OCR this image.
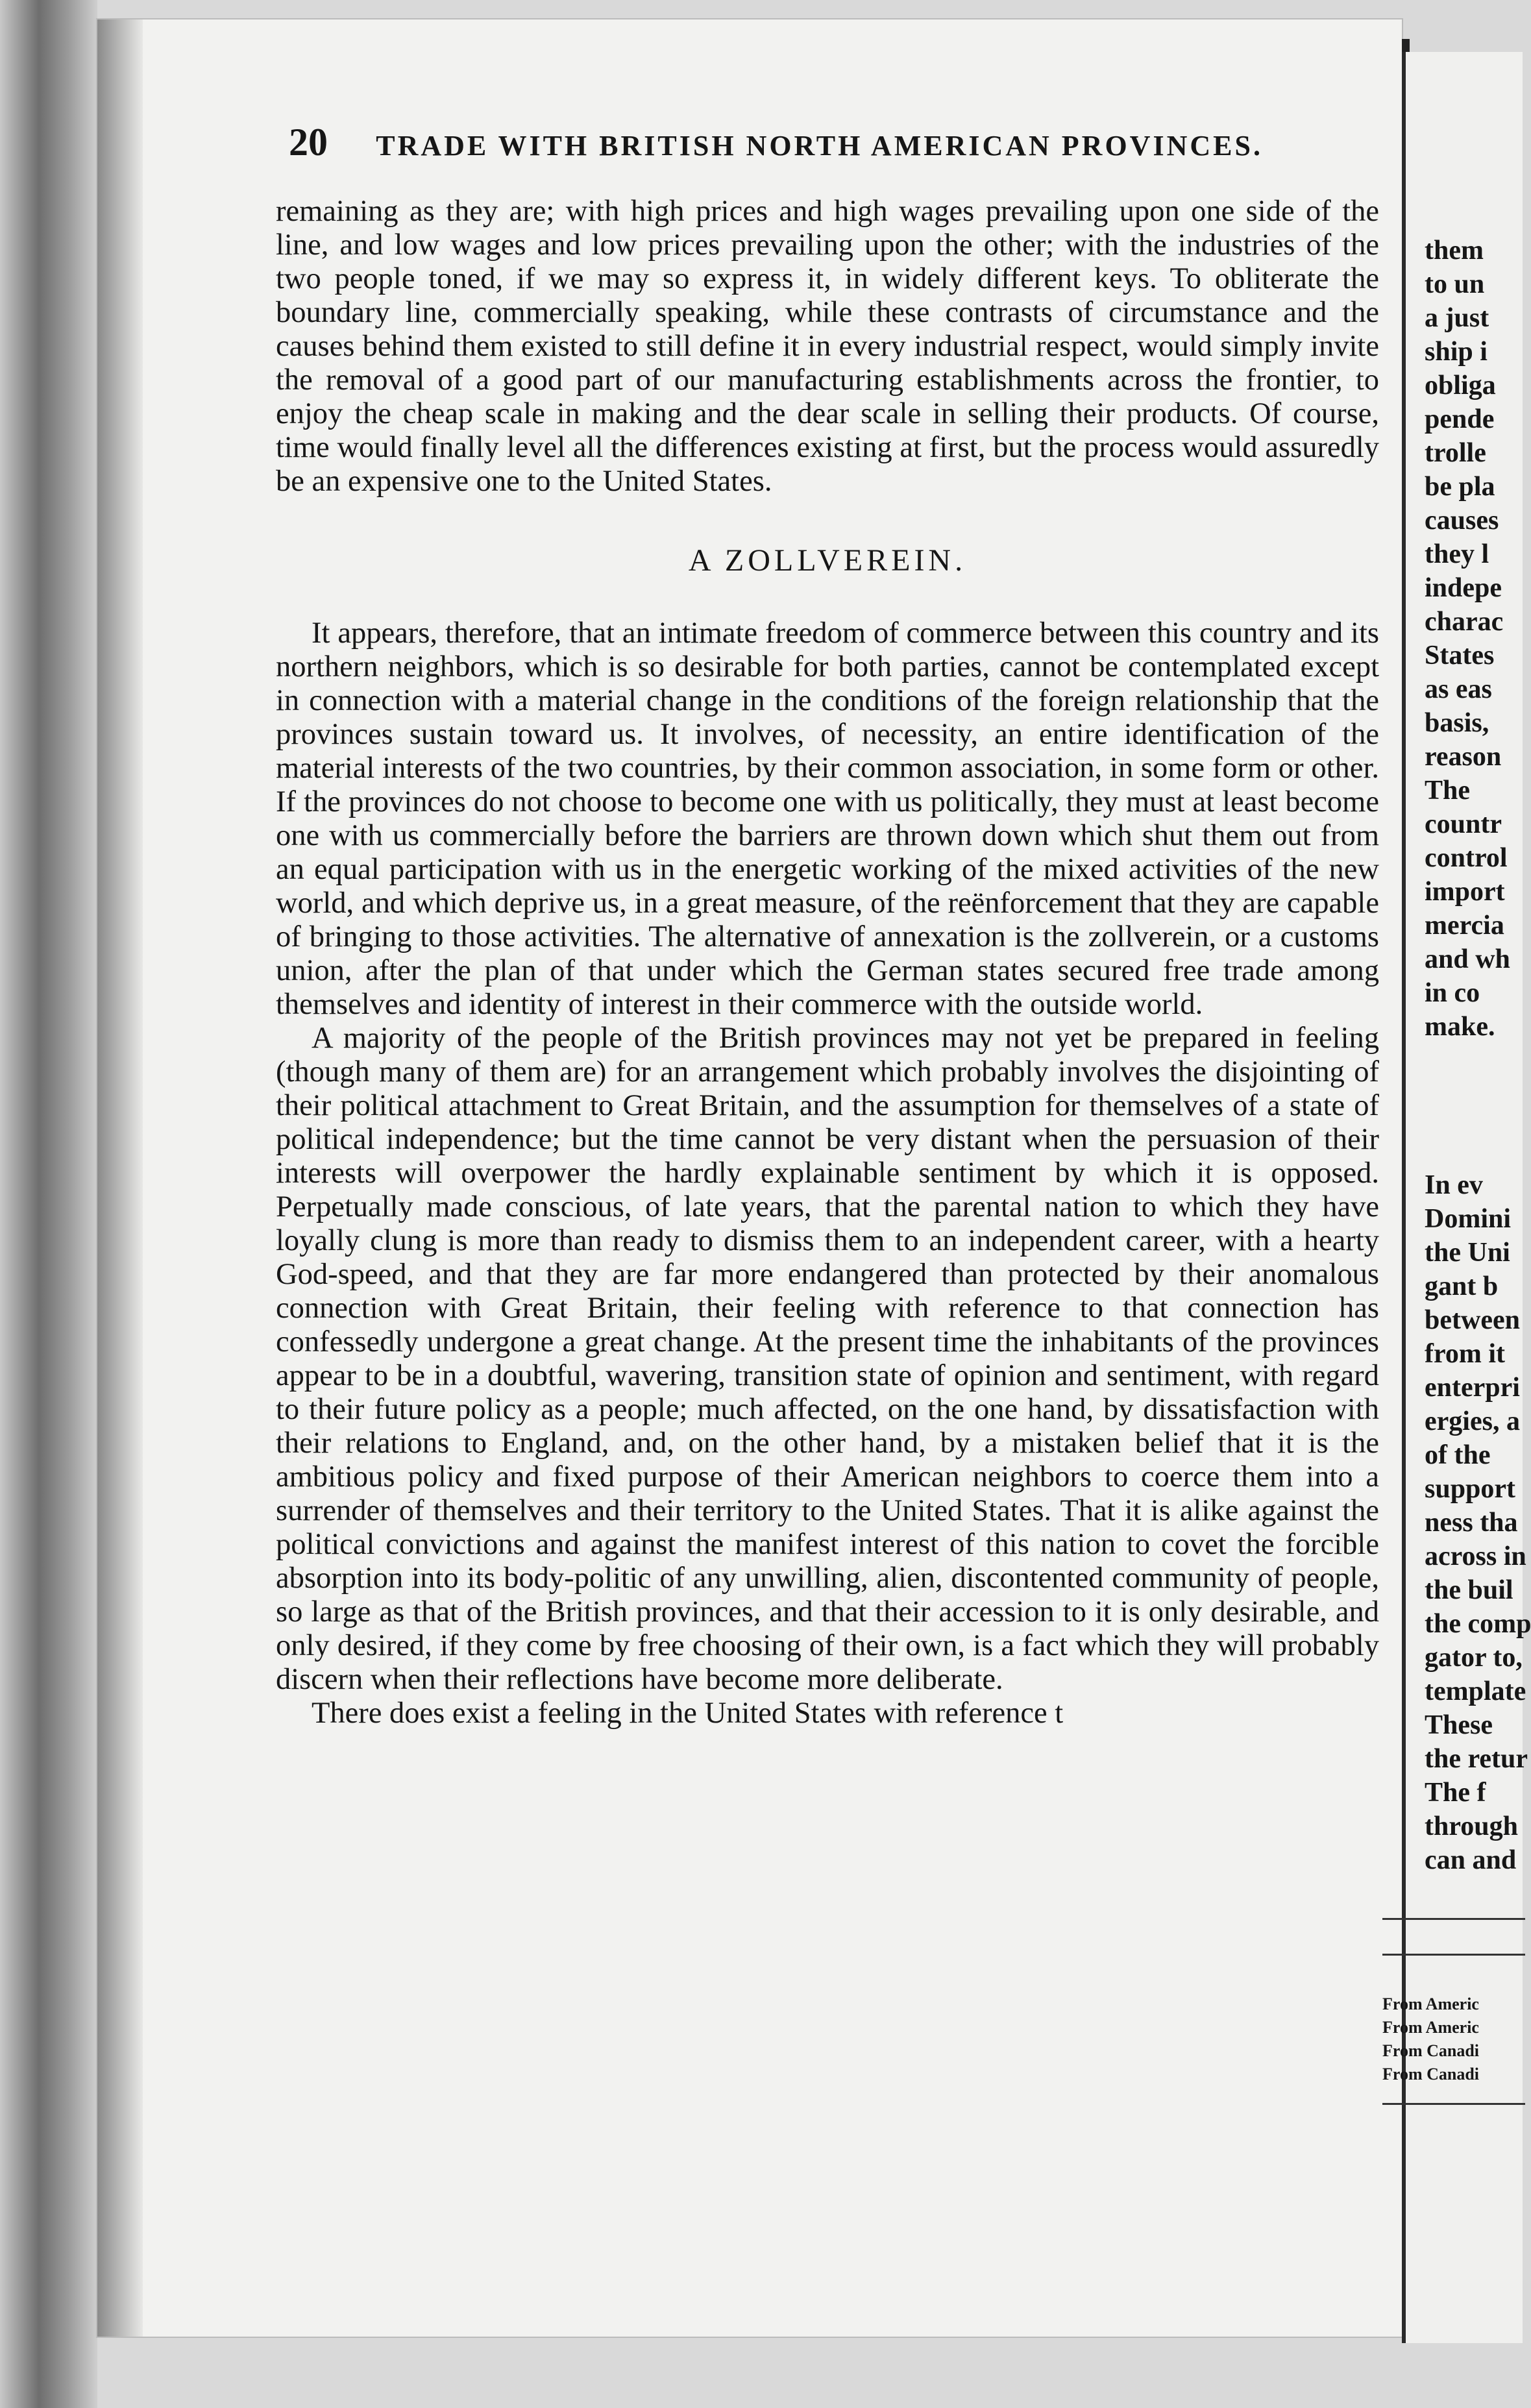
20 TRADE WITH BRITISH NORTH AMERICAN PROVINCES.

remaining as they are; with high prices and high wages prevailing upon one side of the line, and low wages and low prices prevailing upon the other; with the industries of the two people toned, if we may so express it, in widely different keys. To obliterate the boundary line, commercially speaking, while these contrasts of circumstance and the causes behind them existed to still define it in every industrial respect, would simply invite the removal of a good part of our manufacturing establishments across the frontier, to enjoy the cheap scale in making and the dear scale in selling their products. Of course, time would finally level all the differences existing at first, but the process would assuredly be an expensive one to the United States.

A ZOLLVEREIN.

It appears, therefore, that an intimate freedom of commerce between this country and its northern neighbors, which is so desirable for both parties, cannot be contemplated except in connection with a material change in the conditions of the foreign relationship that the provinces sustain toward us. It involves, of necessity, an entire identification of the material interests of the two countries, by their common association, in some form or other. If the provinces do not choose to become one with us politically, they must at least become one with us commercially before the barriers are thrown down which shut them out from an equal participation with us in the energetic working of the mixed activities of the new world, and which deprive us, in a great measure, of the reënforcement that they are capable of bringing to those activities. The alternative of annexation is the zollverein, or a customs union, after the plan of that under which the German states secured free trade among themselves and identity of interest in their commerce with the outside world.

A majority of the people of the British provinces may not yet be prepared in feeling (though many of them are) for an arrangement which probably involves the disjointing of their political attachment to Great Britain, and the assumption for themselves of a state of political independence; but the time cannot be very distant when the persuasion of their interests will overpower the hardly explainable sentiment by which it is opposed. Perpetually made conscious, of late years, that the parental nation to which they have loyally clung is more than ready to dismiss them to an independent career, with a hearty God-speed, and that they are far more endangered than protected by their anomalous connection with Great Britain, their feeling with reference to that connection has confessedly undergone a great change. At the present time the inhabitants of the provinces appear to be in a doubtful, wavering, transition state of opinion and sentiment, with regard to their future policy as a people; much affected, on the one hand, by dissatisfaction with their relations to England, and, on the other hand, by a mistaken belief that it is the ambitious policy and fixed purpose of their American neighbors to coerce them into a surrender of themselves and their territory to the United States. That it is alike against the political convictions and against the manifest interest of this nation to covet the forcible absorption into its body-politic of any unwilling, alien, discontented community of people, so large as that of the British provinces, and that their accession to it is only desirable, and only desired, if they come by free choosing of their own, is a fact which they will probably discern when their reflections have become more deliberate.

There does exist a feeling in the United States with reference t

them
to un
a just
ship i
obliga
pende
trolle
be pla
causes
they l
indepe
charac
States
as eas
basis,
reason
The
countr
control
import
mercia
and wh
in co
make.
In ev
Domini
the Uni
gant b
between
from it
enterpri
ergies, a
of the
support
ness tha
across in
the buil
the comp
gator to,
template
These
the retur
The f
through
can and
From Americ
From Americ
From Canadi
From Canadi
